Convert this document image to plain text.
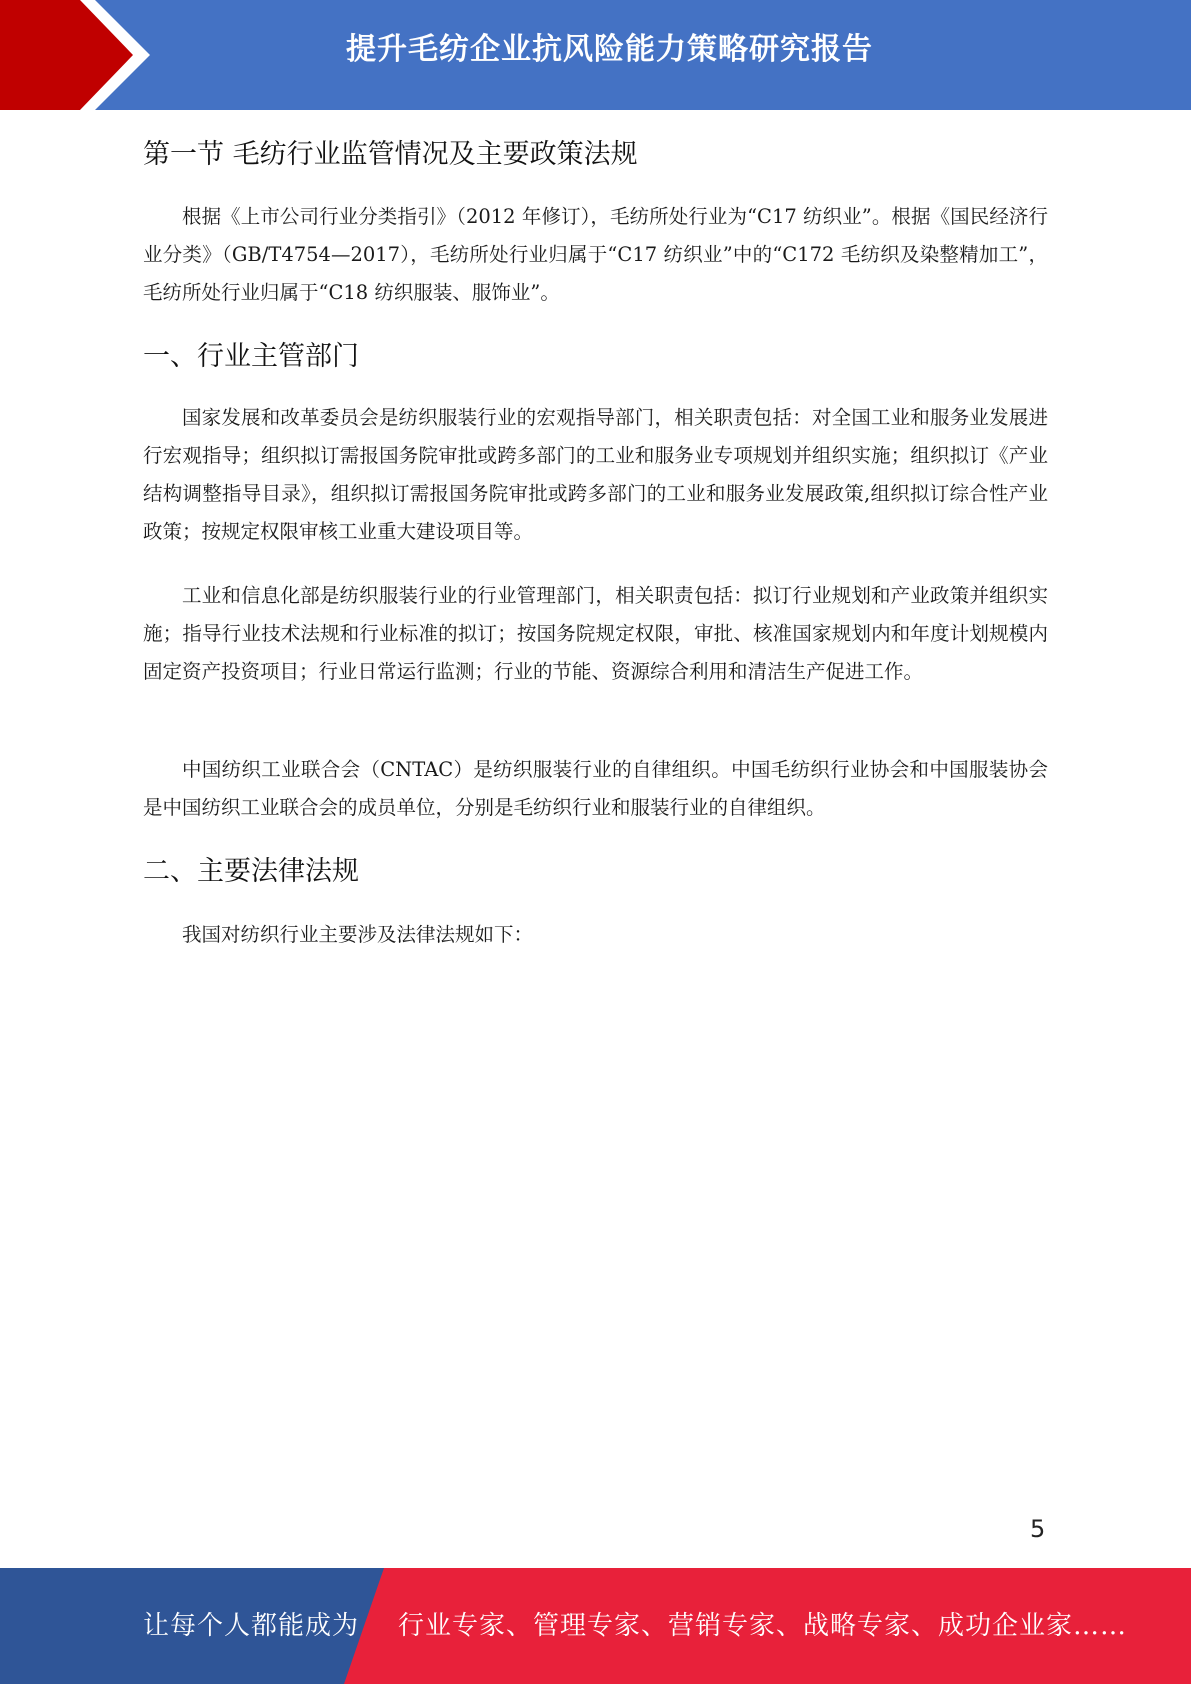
提升毛纺企业抗风险能力策略研究报告
第一节 毛纺行业监管情况及主要政策法规

根据《上市公司行业分类指引》（2012 年修订），毛纺所处行业为“C17 纺织业”。根据《国民经济行业分类》（GB/T4754—2017），毛纺所处行业归属于“C17 纺织业”中的“C172 毛纺织及染整精加工”，毛纺所处行业归属于“C18 纺织服装、服饰业”。

一、行业主管部门

国家发展和改革委员会是纺织服装行业的宏观指导部门，相关职责包括：对全国工业和服务业发展进行宏观指导；组织拟订需报国务院审批或跨多部门的工业和服务业专项规划并组织实施；组织拟订《产业结构调整指导目录》，组织拟订需报国务院审批或跨多部门的工业和服务业发展政策,组织拟订综合性产业政策；按规定权限审核工业重大建设项目等。

工业和信息化部是纺织服装行业的行业管理部门，相关职责包括：拟订行业规划和产业政策并组织实施；指导行业技术法规和行业标准的拟订；按国务院规定权限，审批、核准国家规划内和年度计划规模内固定资产投资项目；行业日常运行监测；行业的节能、资源综合利用和清洁生产促进工作。

中国纺织工业联合会（CNTAC）是纺织服装行业的自律组织。中国毛纺织行业协会和中国服装协会是中国纺织工业联合会的成员单位，分别是毛纺织行业和服装行业的自律组织。

二、主要法律法规

我国对纺织行业主要涉及法律法规如下：

5
让每个人都能成为 行业专家、管理专家、营销专家、战略专家、成功企业家……
